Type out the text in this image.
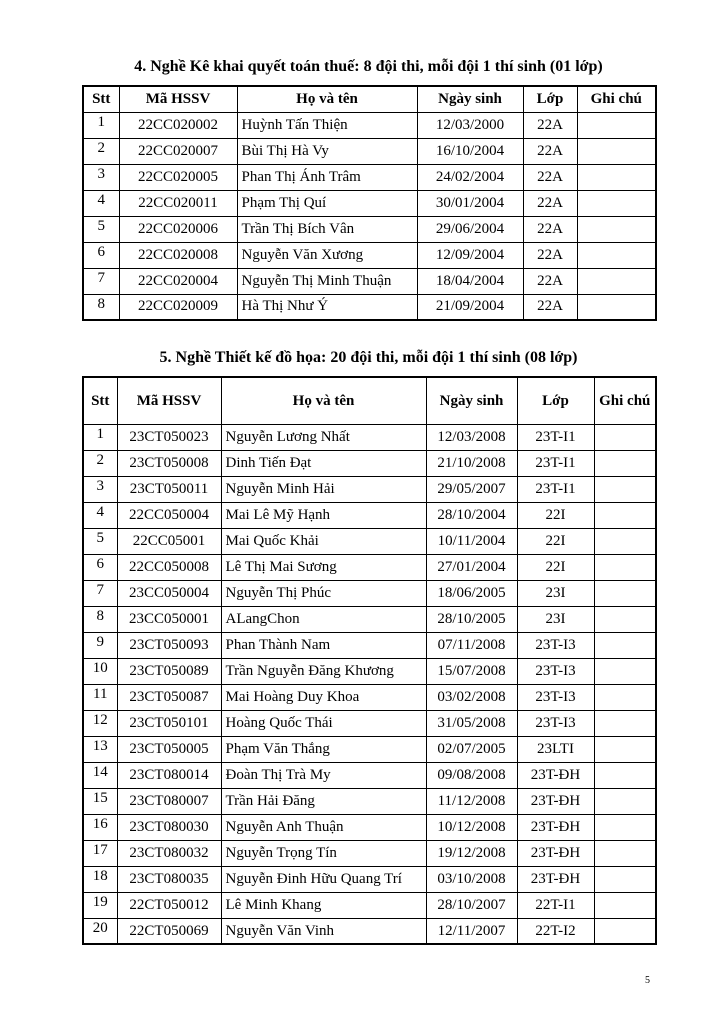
4. Nghề Kê khai quyết toán thuế: 8 đội thi, mỗi đội 1 thí sinh (01 lớp)
Stt	Mã HSSV	Họ và tên	Ngày sinh	Lớp	Ghi chú
1	22CC020002	Huỳnh Tấn Thiện	12/03/2000	22A	
2	22CC020007	Bùi Thị Hà Vy	16/10/2004	22A	
3	22CC020005	Phan Thị Ánh Trâm	24/02/2004	22A	
4	22CC020011	Phạm Thị Quí	30/01/2004	22A	
5	22CC020006	Trần Thị Bích Vân	29/06/2004	22A	
6	22CC020008	Nguyễn Văn Xương	12/09/2004	22A	
7	22CC020004	Nguyễn Thị Minh Thuận	18/04/2004	22A	
8	22CC020009	Hà Thị Như Ý	21/09/2004	22A	
5. Nghề Thiết kế đồ họa: 20 đội thi, mỗi đội 1 thí sinh (08 lớp)
Stt	Mã HSSV	Họ và tên	Ngày sinh	Lớp	Ghi chú
1	23CT050023	Nguyễn Lương Nhất	12/03/2008	23T-I1	
2	23CT050008	Dinh Tiến Đạt	21/10/2008	23T-I1	
3	23CT050011	Nguyễn Minh Hải	29/05/2007	23T-I1	
4	22CC050004	Mai Lê Mỹ Hạnh	28/10/2004	22I	
5	22CC05001	Mai Quốc Khải	10/11/2004	22I	
6	22CC050008	Lê Thị Mai Sương	27/01/2004	22I	
7	23CC050004	Nguyễn Thị Phúc	18/06/2005	23I	
8	23CC050001	ALangChon	28/10/2005	23I	
9	23CT050093	Phan Thành Nam	07/11/2008	23T-I3	
10	23CT050089	Trần Nguyễn Đăng Khương	15/07/2008	23T-I3	
11	23CT050087	Mai Hoàng Duy Khoa	03/02/2008	23T-I3	
12	23CT050101	Hoàng Quốc Thái	31/05/2008	23T-I3	
13	23CT050005	Phạm Văn Thắng	02/07/2005	23LTI	
14	23CT080014	Đoàn Thị Trà My	09/08/2008	23T-ĐH	
15	23CT080007	Trần Hải Đăng	11/12/2008	23T-ĐH	
16	23CT080030	Nguyễn Anh Thuận	10/12/2008	23T-ĐH	
17	23CT080032	Nguyễn Trọng Tín	19/12/2008	23T-ĐH	
18	23CT080035	Nguyễn Đinh Hữu Quang Trí	03/10/2008	23T-ĐH	
19	22CT050012	Lê Minh Khang	28/10/2007	22T-I1	
20	22CT050069	Nguyễn Văn Vinh	12/11/2007	22T-I2	
5
